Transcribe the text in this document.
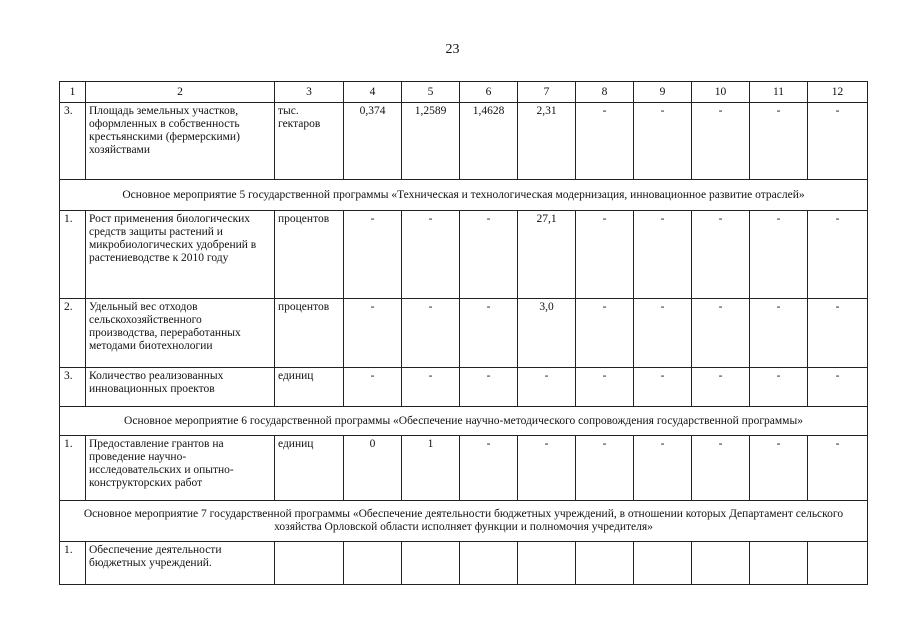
23
1	2	3	4	5	6	7	8	9	10	11	12
3.	Площадь земельных участков, оформленных в собственность крестьянскими (фермерскими) хозяйствами	тыс. гектаров	0,374	1,2589	1,4628	2,31	-	-	-	-	-
Основное мероприятие 5 государственной программы «Техническая и технологическая модернизация, инновационное развитие отраслей»											
1.	Рост применения биологических средств защиты растений и микробиологических удобрений в растениеводстве к 2010 году	процентов	-	-	-	27,1	-	-	-	-	-
2.	Удельный вес отходов сельскохозяйственного производства, переработанных методами биотехнологии	процентов	-	-	-	3,0	-	-	-	-	-
3.	Количество реализованных инновационных проектов	единиц	-	-	-	-	-	-	-	-	-
Основное мероприятие 6 государственной программы «Обеспечение научно-методического сопровождения государственной программы»											
1.	Предоставление грантов на проведение научно-исследовательских и опытно-конструкторских работ	единиц	0	1	-	-	-	-	-	-	-
Основное мероприятие 7 государственной программы «Обеспечение деятельности бюджетных учреждений, в отношении которых Департамент сельского хозяйства Орловской области исполняет функции и полномочия учредителя»											
1.	Обеспечение деятельности бюджетных учреждений.										
